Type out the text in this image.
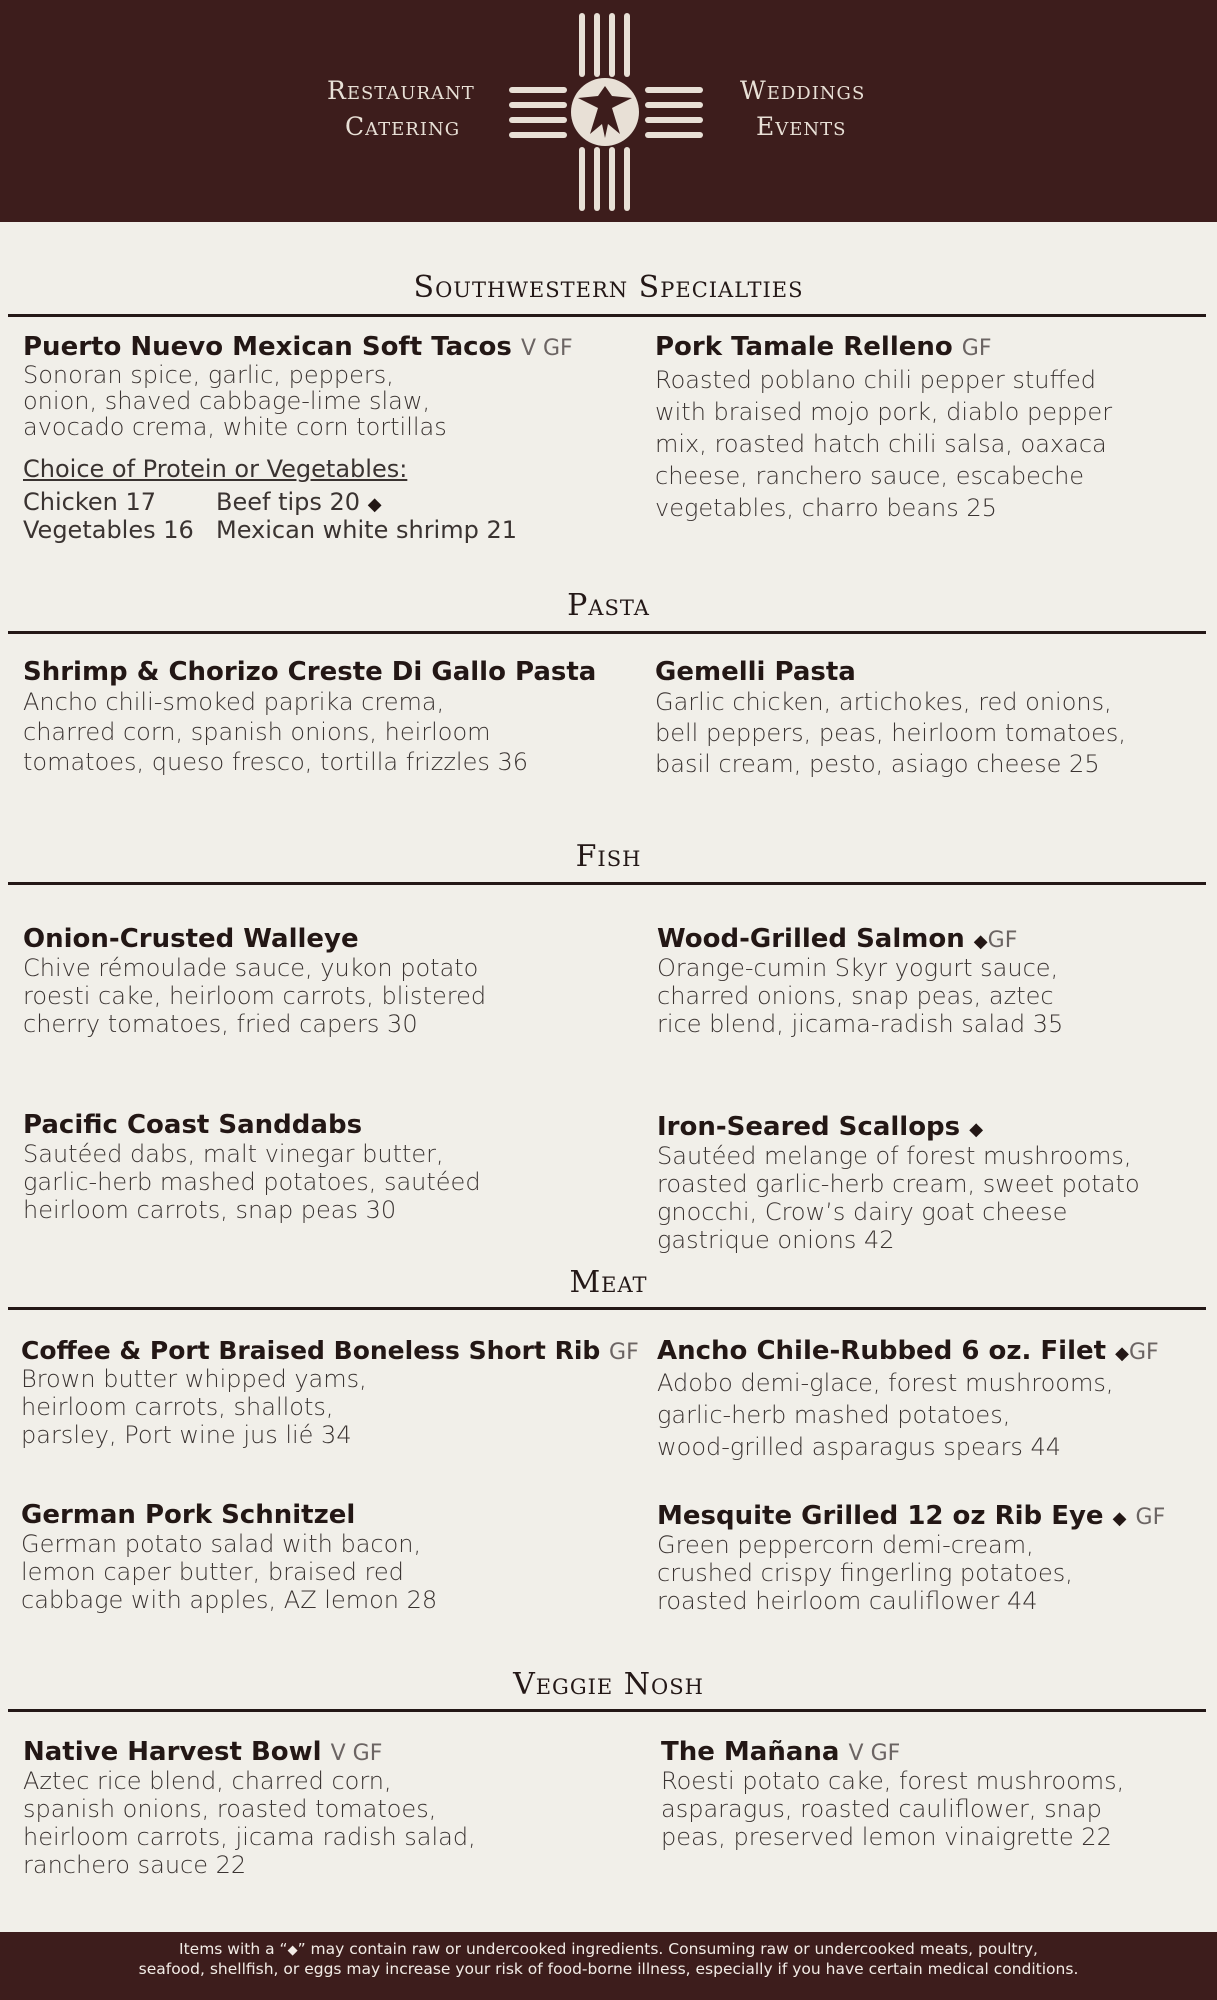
Restaurant
Catering
Weddings
Events
Southwestern Specialties
Puerto Nuevo Mexican Soft Tacos V GF
Sonoran spice, garlic, peppers,
onion, shaved cabbage-lime slaw,
avocado crema, white corn tortillas
Choice of Protein or Vegetables:
Chicken 17 Beef tips 20 ◆
Vegetables 16 Mexican white shrimp 21
Pork Tamale Relleno GF
Roasted poblano chili pepper stuffed
with braised mojo pork, diablo pepper
mix, roasted hatch chili salsa, oaxaca
cheese, ranchero sauce, escabeche
vegetables, charro beans 25
Pasta
Shrimp & Chorizo Creste Di Gallo Pasta
Ancho chili-smoked paprika crema,
charred corn, spanish onions, heirloom
tomatoes, queso fresco, tortilla frizzles 36
Gemelli Pasta
Garlic chicken, artichokes, red onions,
bell peppers, peas, heirloom tomatoes,
basil cream, pesto, asiago cheese 25
Fish
Onion-Crusted Walleye
Chive rémoulade sauce, yukon potato
roesti cake, heirloom carrots, blistered
cherry tomatoes, fried capers 30
Wood-Grilled Salmon ◆GF
Orange-cumin Skyr yogurt sauce,
charred onions, snap peas, aztec
rice blend, jicama-radish salad 35
Pacific Coast Sanddabs
Sautéed dabs, malt vinegar butter,
garlic-herb mashed potatoes, sautéed
heirloom carrots, snap peas 30
Iron-Seared Scallops ◆
Sautéed melange of forest mushrooms,
roasted garlic-herb cream, sweet potato
gnocchi, Crow’s dairy goat cheese
gastrique onions 42
Meat
Coffee & Port Braised Boneless Short Rib GF
Brown butter whipped yams,
heirloom carrots, shallots,
parsley, Port wine jus lié 34
Ancho Chile-Rubbed 6 oz. Filet ◆GF
Adobo demi-glace, forest mushrooms,
garlic-herb mashed potatoes,
wood-grilled asparagus spears 44
German Pork Schnitzel
German potato salad with bacon,
lemon caper butter, braised red
cabbage with apples, AZ lemon 28
Mesquite Grilled 12 oz Rib Eye ◆ GF
Green peppercorn demi-cream,
crushed crispy fingerling potatoes,
roasted heirloom cauliflower 44
Veggie Nosh
Native Harvest Bowl V GF
Aztec rice blend, charred corn,
spanish onions, roasted tomatoes,
heirloom carrots, jicama radish salad,
ranchero sauce 22
The Mañana V GF
Roesti potato cake, forest mushrooms,
asparagus, roasted cauliflower, snap
peas, preserved lemon vinaigrette 22
Items with a “◆” may contain raw or undercooked ingredients. Consuming raw or undercooked meats, poultry,
seafood, shellfish, or eggs may increase your risk of food-borne illness, especially if you have certain medical conditions.
